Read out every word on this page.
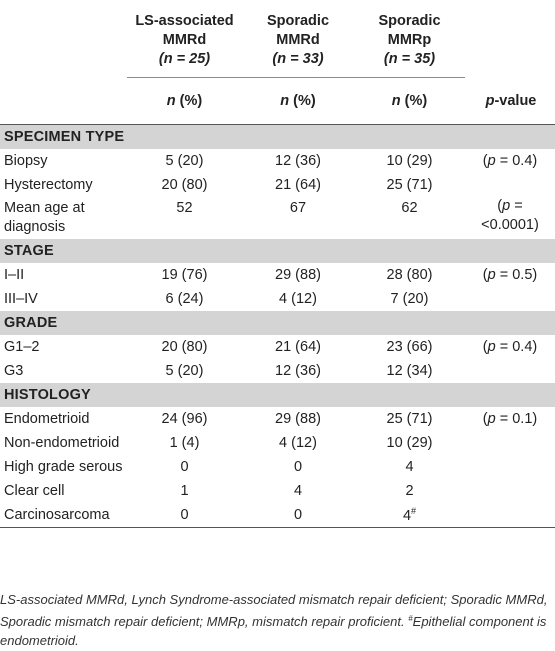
	LS-associated
MMRd
(n = 25)	Sporadic
MMRd
(n = 33)	Sporadic
MMRp
(n = 35)	

	n (%)	n (%)	n (%)	p-value
SPECIMEN TYPE				
Biopsy	5 (20)	12 (36)	10 (29)	(p = 0.4)
Hysterectomy	20 (80)	21 (64)	25 (71)	
Mean age at
diagnosis	52	67	62	(p =
<0.0001)
STAGE				
I–II	19 (76)	29 (88)	28 (80)	(p = 0.5)
III–IV	6 (24)	4 (12)	7 (20)	
GRADE				
G1–2	20 (80)	21 (64)	23 (66)	(p = 0.4)
G3	5 (20)	12 (36)	12 (34)	
HISTOLOGY				
Endometrioid	24 (96)	29 (88)	25 (71)	(p = 0.1)
Non-endometrioid	1 (4)	4 (12)	10 (29)	
High grade serous	0	0	4	
Clear cell	1	4	2	
Carcinosarcoma	0	0	4#	
LS-associated MMRd, Lynch Syndrome-associated mismatch repair deficient; Sporadic MMRd, Sporadic mismatch repair deficient; MMRp, mismatch repair proficient. #Epithelial component is endometrioid.
